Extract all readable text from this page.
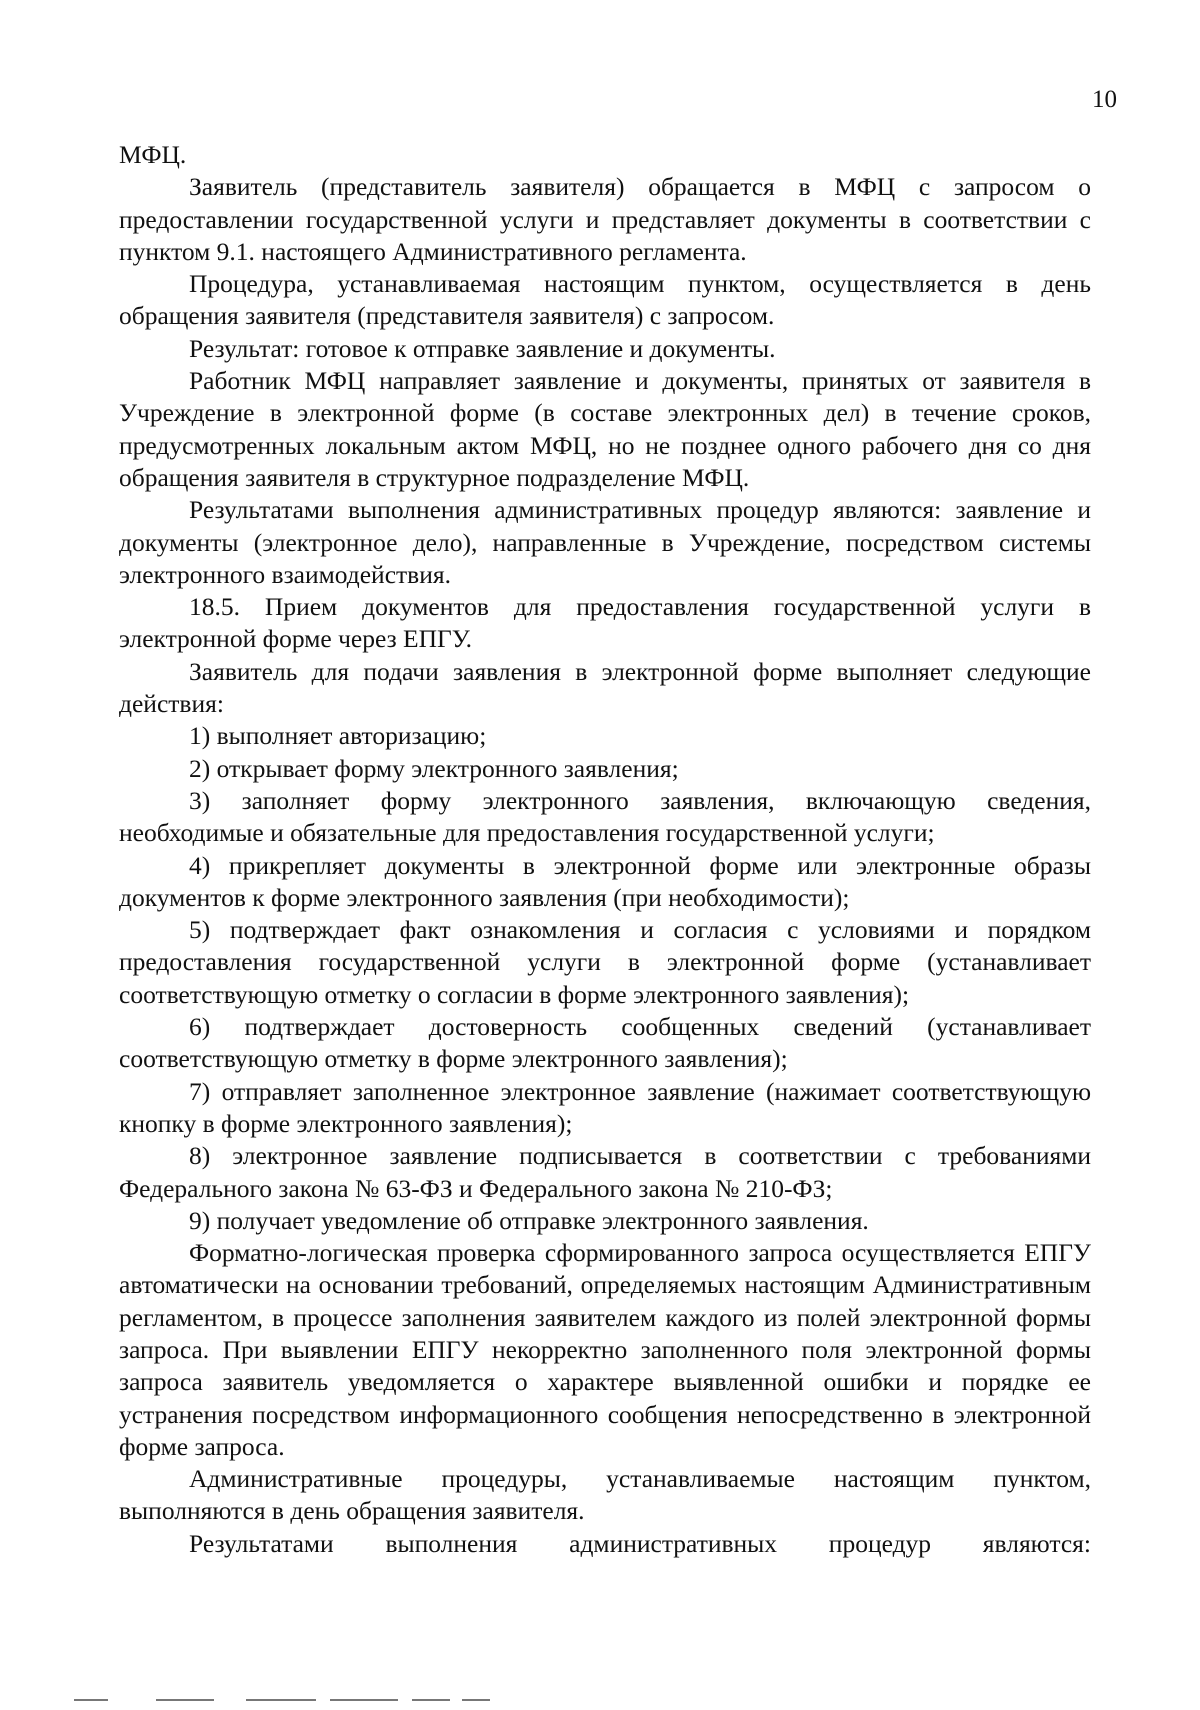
10

МФЦ.

Заявитель (представитель заявителя) обращается в МФЦ с запросом о предоставлении государственной услуги и представляет документы в соответствии с пунктом 9.1. настоящего Административного регламента.

Процедура, устанавливаемая настоящим пунктом, осуществляется в день обращения заявителя (представителя заявителя) с запросом.

Результат: готовое к отправке заявление и документы.

Работник МФЦ направляет заявление и документы, принятых от заявителя в Учреждение в электронной форме (в составе электронных дел) в течение сроков, предусмотренных локальным актом МФЦ, но не позднее одного рабочего дня со дня обращения заявителя в структурное подразделение МФЦ.

Результатами выполнения административных процедур являются: заявление и документы (электронное дело), направленные в Учреждение, посредством системы электронного взаимодействия.

18.5. Прием документов для предоставления государственной услуги в электронной форме через ЕПГУ.

Заявитель для подачи заявления в электронной форме выполняет следующие действия:

1) выполняет авторизацию;

2) открывает форму электронного заявления;

3) заполняет форму электронного заявления, включающую сведения, необходимые и обязательные для предоставления государственной услуги;

4) прикрепляет документы в электронной форме или электронные образы документов к форме электронного заявления (при необходимости);

5) подтверждает факт ознакомления и согласия с условиями и порядком предоставления государственной услуги в электронной форме (устанавливает соответствующую отметку о согласии в форме электронного заявления);

6) подтверждает достоверность сообщенных сведений (устанавливает соответствующую отметку в форме электронного заявления);

7) отправляет заполненное электронное заявление (нажимает соответствующую кнопку в форме электронного заявления);

8) электронное заявление подписывается в соответствии с требованиями Федерального закона № 63-ФЗ и Федерального закона № 210-ФЗ;

9) получает уведомление об отправке электронного заявления.

Форматно-логическая проверка сформированного запроса осуществляется ЕПГУ автоматически на основании требований, определяемых настоящим Административным регламентом, в процессе заполнения заявителем каждого из полей электронной формы запроса. При выявлении ЕПГУ некорректно заполненного поля электронной формы запроса заявитель уведомляется о характере выявленной ошибки и порядке ее устранения посредством информационного сообщения непосредственно в электронной форме запроса.

Административные процедуры, устанавливаемые настоящим пунктом, выполняются в день обращения заявителя.

Результатами выполнения административных процедур являются:
